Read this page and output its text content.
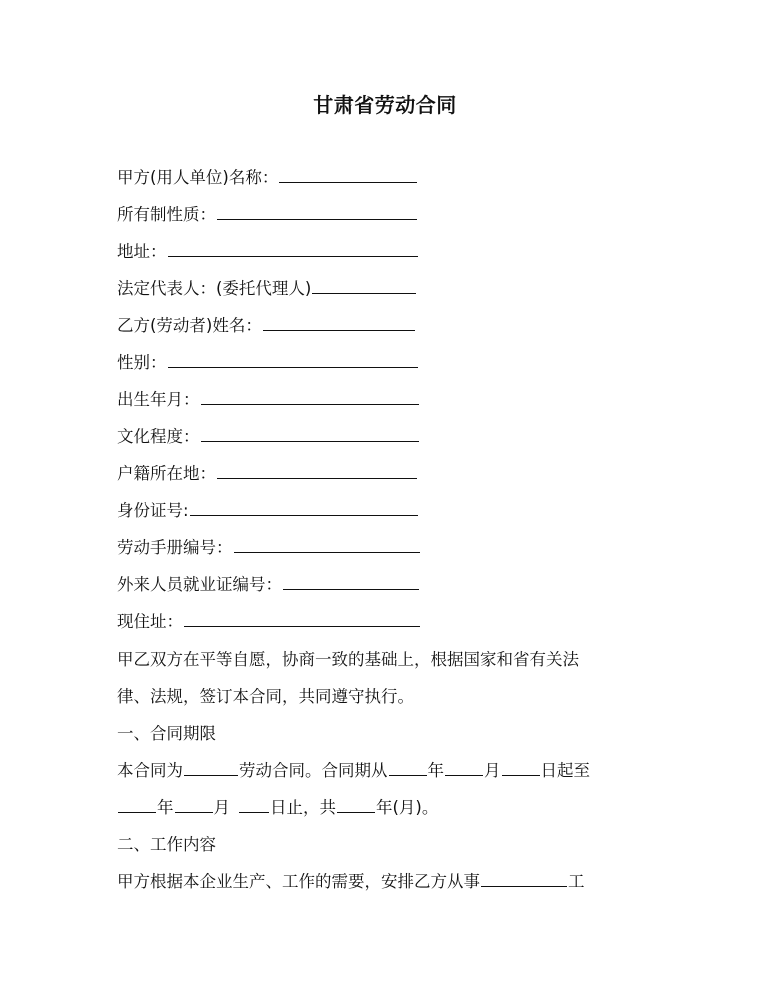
甘肃省劳动合同
甲方(用人单位)名称：
所有制性质：
地址：
法定代表人：(委托代理人)
乙方(劳动者)姓名：
性别：
出生年月：
文化程度：
户籍所在地：
身份证号:
劳动手册编号：
外来人员就业证编号：
现住址：
甲乙双方在平等自愿，协商一致的基础上，根据国家和省有关法
律、法规，签订本合同，共同遵守执行。
一、合同期限
本合同为	劳动合同。合同期从 年 月 日起至
年 月 日止，共 年(月)。
二、工作内容
甲方根据本企业生产、工作的需要，安排乙方从事	工
